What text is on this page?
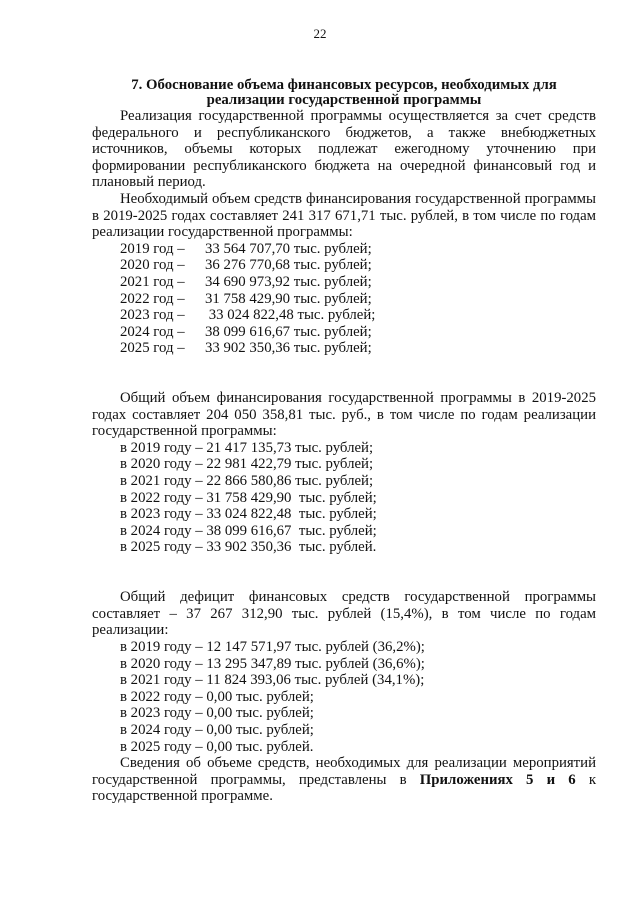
22
7. Обоснование объема финансовых ресурсов, необходимых для
реализации государственной программы

Реализация государственной программы осуществляется за счет средств федерального и республиканского бюджетов, а также внебюджетных источников, объемы которых подлежат ежегодному уточнению при формировании республиканского бюджета на очередной финансовый год и плановый период.

Необходимый объем средств финансирования государственной программы в 2019-2025 годах составляет 241 317 671,71 тыс. рублей, в том числе по годам реализации государственной программы:

2019 год –	33 564 707,70 тыс. рублей;
2020 год –	36 276 770,68 тыс. рублей;
2021 год –	34 690 973,92 тыс. рублей;
2022 год –	31 758 429,90 тыс. рублей;
2023 год –	33 024 822,48 тыс. рублей;
2024 год –	38 099 616,67 тыс. рублей;
2025 год –	33 902 350,36 тыс. рублей;

Общий объем финансирования государственной программы в 2019-2025 годах составляет 204 050 358,81 тыс. руб., в том числе по годам реализации государственной программы:

в 2019 году – 21 417 135,73 тыс. рублей;
в 2020 году – 22 981 422,79 тыс. рублей;
в 2021 году – 22 866 580,86 тыс. рублей;
в 2022 году – 31 758 429,90  тыс. рублей;
в 2023 году – 33 024 822,48  тыс. рублей;
в 2024 году – 38 099 616,67  тыс. рублей;
в 2025 году – 33 902 350,36  тыс. рублей.

Общий дефицит финансовых средств государственной программы составляет – 37 267 312,90 тыс. рублей (15,4%), в том числе по годам реализации:

в 2019 году – 12 147 571,97 тыс. рублей (36,2%);
в 2020 году – 13 295 347,89 тыс. рублей (36,6%);
в 2021 году – 11 824 393,06 тыс. рублей (34,1%);
в 2022 году – 0,00 тыс. рублей;
в 2023 году – 0,00 тыс. рублей;
в 2024 году – 0,00 тыс. рублей;
в 2025 году – 0,00 тыс. рублей.

Сведения об объеме средств, необходимых для реализации мероприятий государственной программы, представлены в Приложениях 5 и 6 к государственной программе.
